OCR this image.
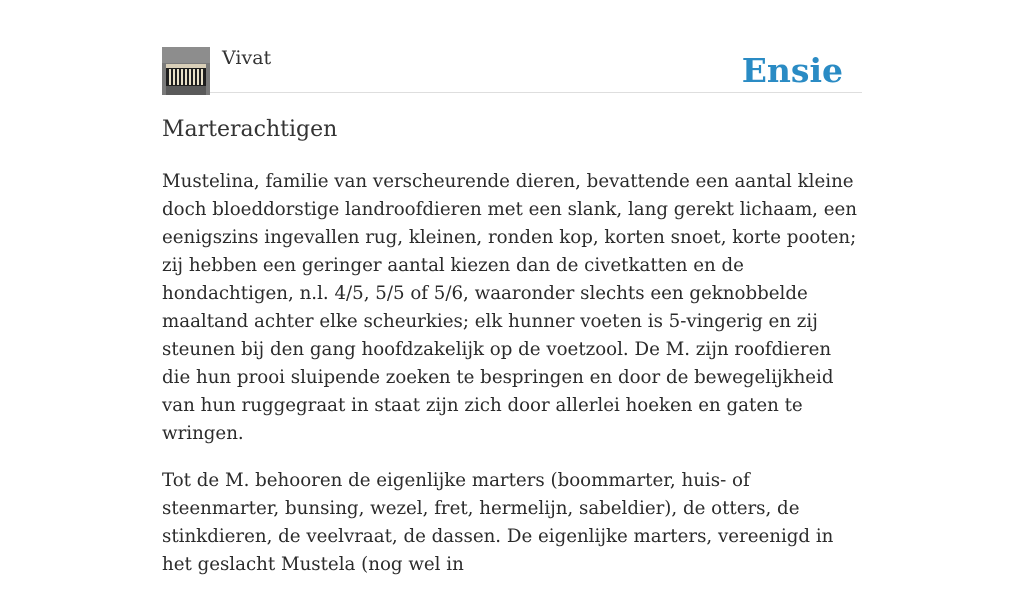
Vivat	Ensie
Marterachtigen

Mustelina, familie van verscheurende dieren, bevattende een aantal kleine doch bloeddorstige landroofdieren met een slank, lang gerekt lichaam, een eenigszins ingevallen rug, kleinen, ronden kop, korten snoet, korte pooten; zij hebben een geringer aantal kiezen dan de civetkatten en de hondachtigen, n.l. 4/5, 5/5 of 5/6, waaronder slechts een geknobbelde maaltand achter elke scheurkies; elk hunner voeten is 5-vingerig en zij steunen bij den gang hoofdzakelijk op de voetzool. De M. zijn roofdieren die hun prooi sluipende zoeken te bespringen en door de bewegelijkheid van hun ruggegraat in staat zijn zich door allerlei hoeken en gaten te wringen.

Tot de M. behooren de eigenlijke marters (boommarter, huis- of steenmarter, bunsing, wezel, fret, hermelijn, sabeldier), de otters, de stinkdieren, de veelvraat, de dassen. De eigenlijke marters, vereenigd in het geslacht Mustela (nog wel in
